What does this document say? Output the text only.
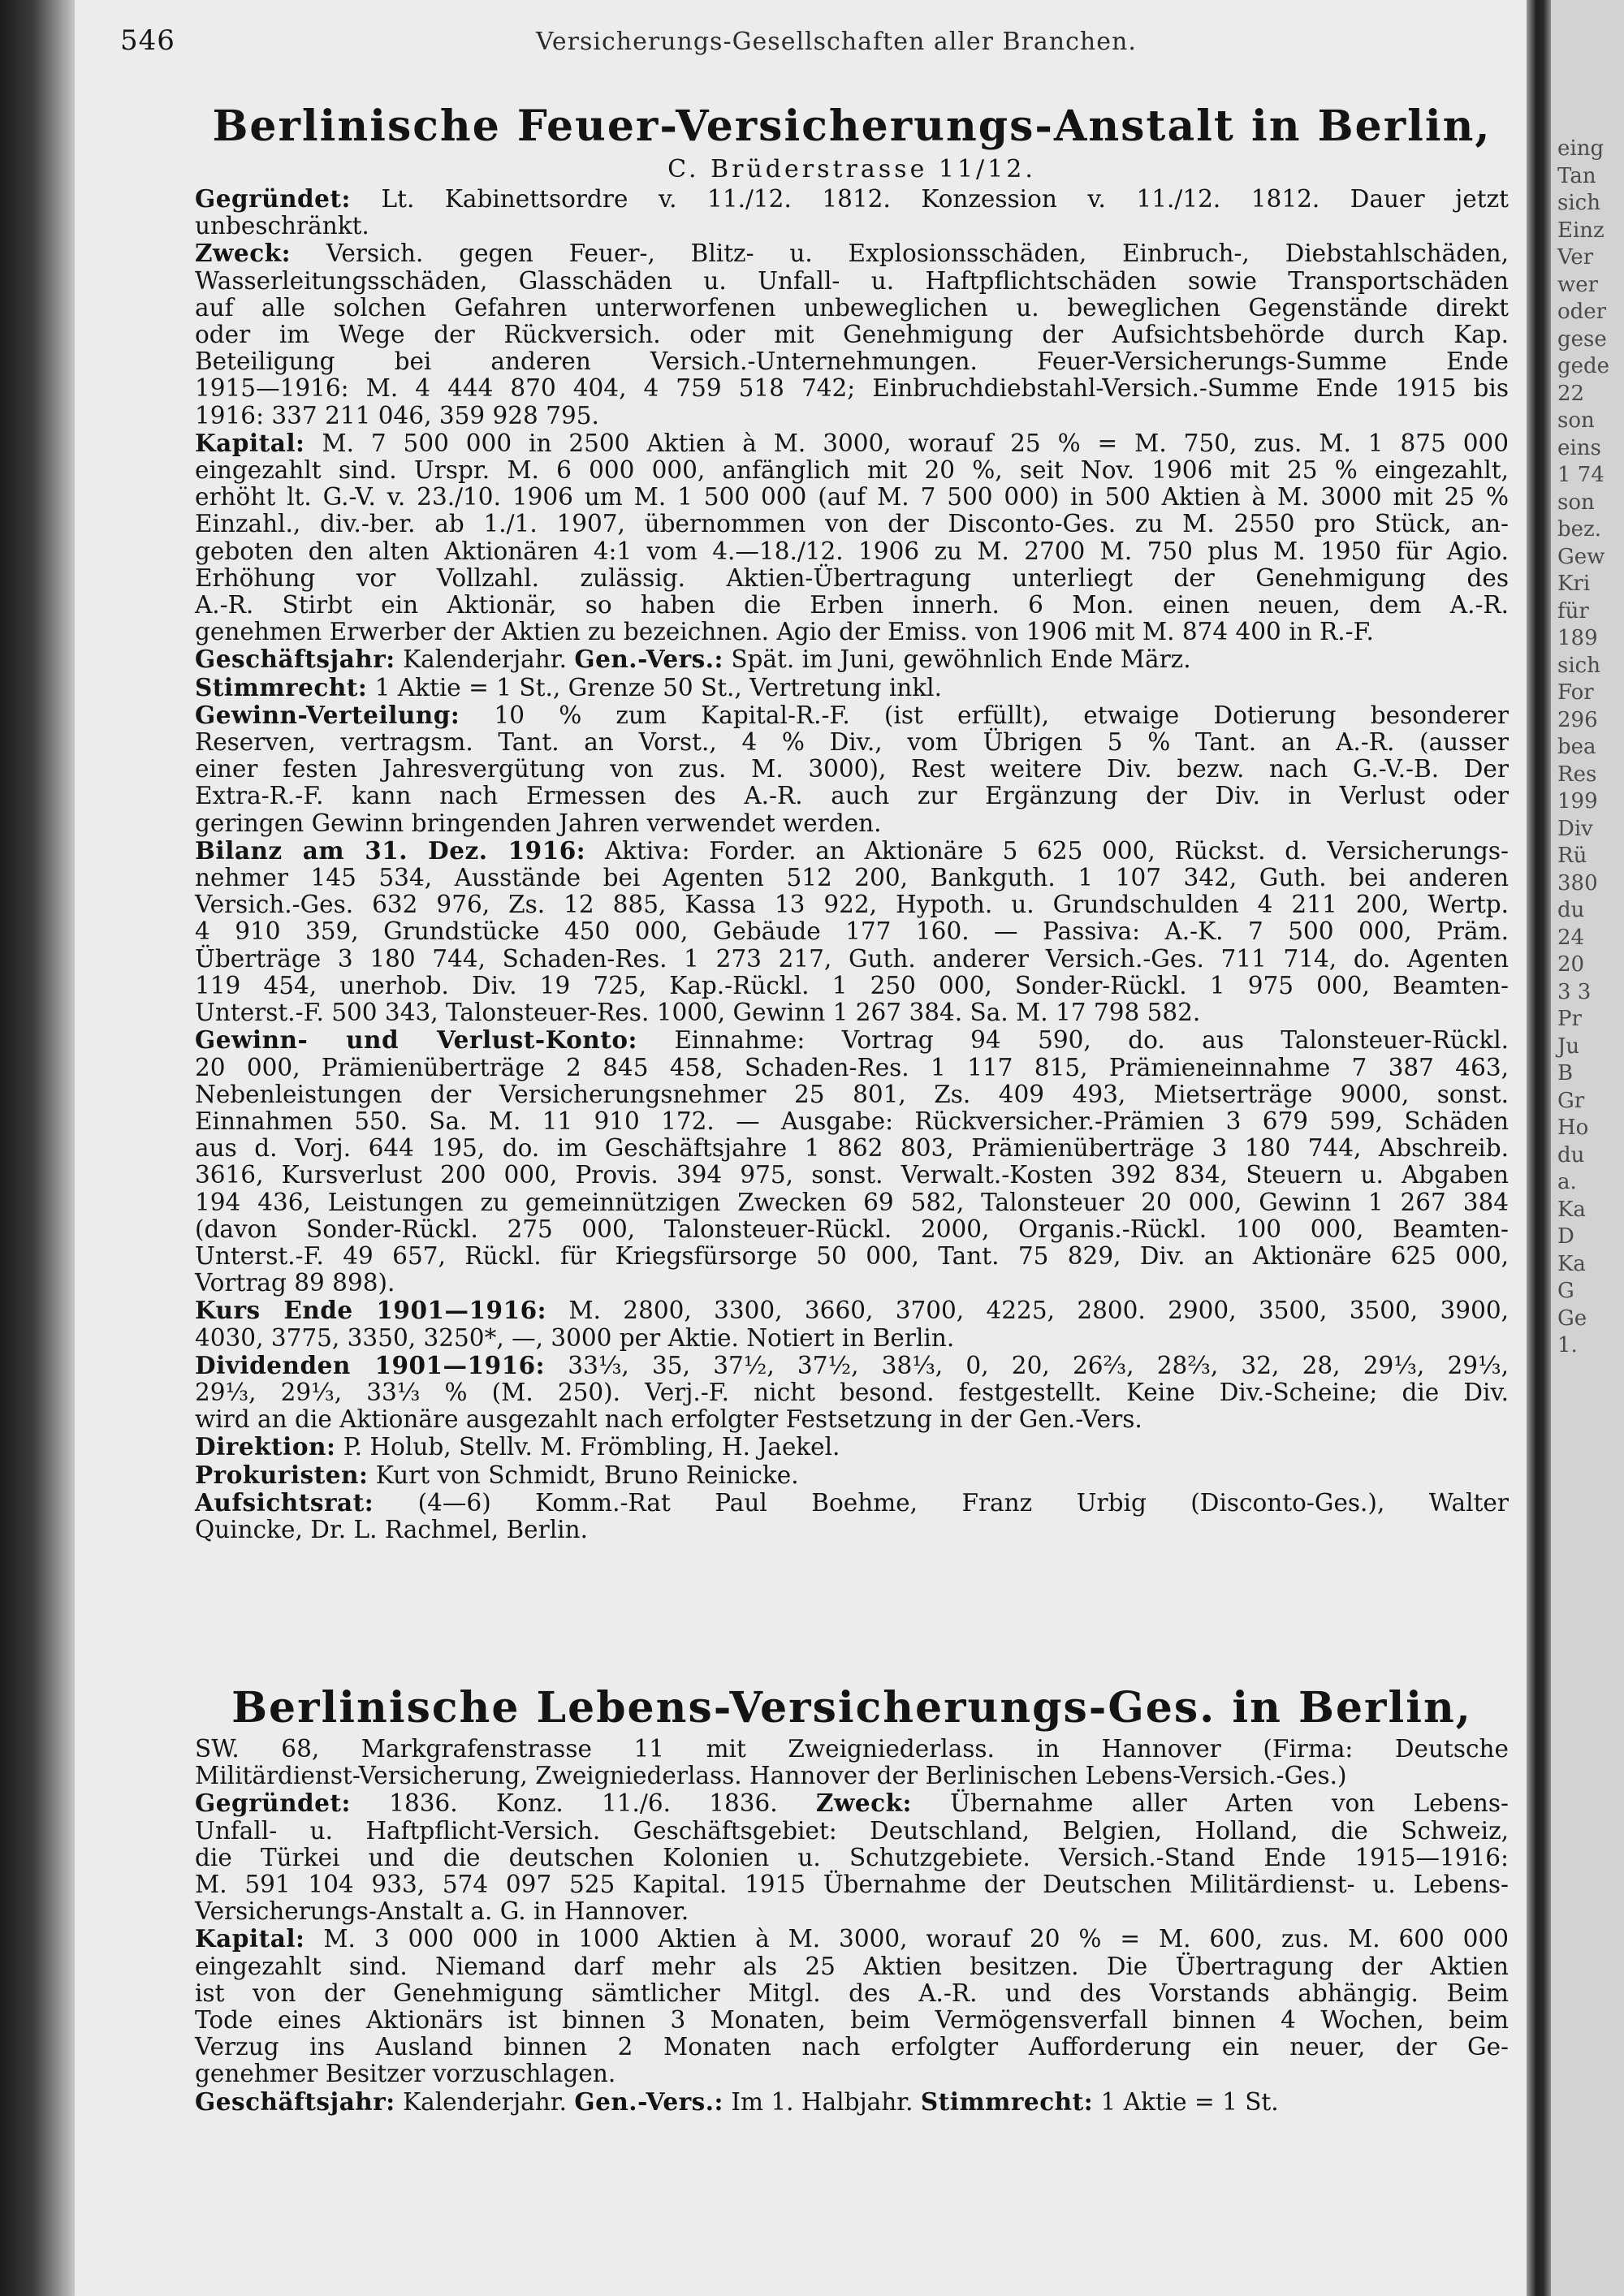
eing
Tan
sich
Einz
Ver
wer
oder
gese
gede
22
son
eins
1 74
son
bez.
Gew
Kri
für
189
sich
For
296
bea
Res
199
Div
Rü
380
du
24
20
3 3
Pr
Ju
B
Gr
Ho
du
a.
Ka
D
Ka
G
Ge
1.
546	Versicherungs-Gesellschaften aller Branchen.
Berlinische Feuer-Versicherungs-Anstalt in Berlin,
C. Brüderstrasse 11/12.

Gegründet: Lt. Kabinettsordre v. 11./12. 1812. Konzession v. 11./12. 1812. Dauer jetzt

unbeschränkt.

Zweck: Versich. gegen Feuer-, Blitz- u. Explosionsschäden, Einbruch-, Diebstahlschäden,

Wasserleitungsschäden, Glasschäden u. Unfall- u. Haftpflichtschäden sowie Transportschäden

auf alle solchen Gefahren unterworfenen unbeweglichen u. beweglichen Gegenstände direkt

oder im Wege der Rückversich. oder mit Genehmigung der Aufsichtsbehörde durch Kap.

Beteiligung bei anderen Versich.-Unternehmungen. Feuer-Versicherungs-Summe Ende

1915—1916: M. 4 444 870 404, 4 759 518 742; Einbruchdiebstahl-Versich.-Summe Ende 1915 bis

1916: 337 211 046, 359 928 795.

Kapital: M. 7 500 000 in 2500 Aktien à M. 3000, worauf 25 % = M. 750, zus. M. 1 875 000

eingezahlt sind. Urspr. M. 6 000 000, anfänglich mit 20 %, seit Nov. 1906 mit 25 % eingezahlt,

erhöht lt. G.-V. v. 23./10. 1906 um M. 1 500 000 (auf M. 7 500 000) in 500 Aktien à M. 3000 mit 25 %

Einzahl., div.-ber. ab 1./1. 1907, übernommen von der Disconto-Ges. zu M. 2550 pro Stück, an-

geboten den alten Aktionären 4:1 vom 4.—18./12. 1906 zu M. 2700 M. 750 plus M. 1950 für Agio.

Erhöhung vor Vollzahl. zulässig. Aktien-Übertragung unterliegt der Genehmigung des

A.-R. Stirbt ein Aktionär, so haben die Erben innerh. 6 Mon. einen neuen, dem A.-R.

genehmen Erwerber der Aktien zu bezeichnen. Agio der Emiss. von 1906 mit M. 874 400 in R.-F.

Geschäftsjahr: Kalenderjahr. Gen.-Vers.: Spät. im Juni, gewöhnlich Ende März.

Stimmrecht: 1 Aktie = 1 St., Grenze 50 St., Vertretung inkl.

Gewinn-Verteilung: 10 % zum Kapital-R.-F. (ist erfüllt), etwaige Dotierung besonderer

Reserven, vertragsm. Tant. an Vorst., 4 % Div., vom Übrigen 5 % Tant. an A.-R. (ausser

einer festen Jahresvergütung von zus. M. 3000), Rest weitere Div. bezw. nach G.-V.-B. Der

Extra-R.-F. kann nach Ermessen des A.-R. auch zur Ergänzung der Div. in Verlust oder

geringen Gewinn bringenden Jahren verwendet werden.

Bilanz am 31. Dez. 1916: Aktiva: Forder. an Aktionäre 5 625 000, Rückst. d. Versicherungs-

nehmer 145 534, Ausstände bei Agenten 512 200, Bankguth. 1 107 342, Guth. bei anderen

Versich.-Ges. 632 976, Zs. 12 885, Kassa 13 922, Hypoth. u. Grundschulden 4 211 200, Wertp.

4 910 359, Grundstücke 450 000, Gebäude 177 160. — Passiva: A.-K. 7 500 000, Präm.

Überträge 3 180 744, Schaden-Res. 1 273 217, Guth. anderer Versich.-Ges. 711 714, do. Agenten

119 454, unerhob. Div. 19 725, Kap.-Rückl. 1 250 000, Sonder-Rückl. 1 975 000, Beamten-

Unterst.-F. 500 343, Talonsteuer-Res. 1000, Gewinn 1 267 384. Sa. M. 17 798 582.

Gewinn- und Verlust-Konto: Einnahme: Vortrag 94 590, do. aus Talonsteuer-Rückl.

20 000, Prämienüberträge 2 845 458, Schaden-Res. 1 117 815, Prämieneinnahme 7 387 463,

Nebenleistungen der Versicherungsnehmer 25 801, Zs. 409 493, Mietserträge 9000, sonst.

Einnahmen 550. Sa. M. 11 910 172. — Ausgabe: Rückversicher.-Prämien 3 679 599, Schäden

aus d. Vorj. 644 195, do. im Geschäftsjahre 1 862 803, Prämienüberträge 3 180 744, Abschreib.

3616, Kursverlust 200 000, Provis. 394 975, sonst. Verwalt.-Kosten 392 834, Steuern u. Abgaben

194 436, Leistungen zu gemeinnützigen Zwecken 69 582, Talonsteuer 20 000, Gewinn 1 267 384

(davon Sonder-Rückl. 275 000, Talonsteuer-Rückl. 2000, Organis.-Rückl. 100 000, Beamten-

Unterst.-F. 49 657, Rückl. für Kriegsfürsorge 50 000, Tant. 75 829, Div. an Aktionäre 625 000,

Vortrag 89 898).

Kurs Ende 1901—1916: M. 2800, 3300, 3660, 3700, 4225, 2800. 2900, 3500, 3500, 3900,

4030, 3775, 3350, 3250*, —, 3000 per Aktie. Notiert in Berlin.

Dividenden 1901—1916: 33⅓, 35, 37½, 37½, 38⅓, 0, 20, 26⅔, 28⅔, 32, 28, 29⅓, 29⅓,

29⅓, 29⅓, 33⅓ % (M. 250). Verj.-F. nicht besond. festgestellt. Keine Div.-Scheine; die Div.

wird an die Aktionäre ausgezahlt nach erfolgter Festsetzung in der Gen.-Vers.

Direktion: P. Holub, Stellv. M. Frömbling, H. Jaekel.

Prokuristen: Kurt von Schmidt, Bruno Reinicke.

Aufsichtsrat: (4—6) Komm.-Rat Paul Boehme, Franz Urbig (Disconto-Ges.), Walter

Quincke, Dr. L. Rachmel, Berlin.

Berlinische Lebens-Versicherungs-Ges. in Berlin,

SW. 68, Markgrafenstrasse 11 mit Zweigniederlass. in Hannover (Firma: Deutsche

Militärdienst-Versicherung, Zweigniederlass. Hannover der Berlinischen Lebens-Versich.-Ges.)

Gegründet: 1836. Konz. 11./6. 1836. Zweck: Übernahme aller Arten von Lebens-

Unfall- u. Haftpflicht-Versich. Geschäftsgebiet: Deutschland, Belgien, Holland, die Schweiz,

die Türkei und die deutschen Kolonien u. Schutzgebiete. Versich.-Stand Ende 1915—1916:

M. 591 104 933, 574 097 525 Kapital. 1915 Übernahme der Deutschen Militärdienst- u. Lebens-

Versicherungs-Anstalt a. G. in Hannover.

Kapital: M. 3 000 000 in 1000 Aktien à M. 3000, worauf 20 % = M. 600, zus. M. 600 000

eingezahlt sind. Niemand darf mehr als 25 Aktien besitzen. Die Übertragung der Aktien

ist von der Genehmigung sämtlicher Mitgl. des A.-R. und des Vorstands abhängig. Beim

Tode eines Aktionärs ist binnen 3 Monaten, beim Vermögensverfall binnen 4 Wochen, beim

Verzug ins Ausland binnen 2 Monaten nach erfolgter Aufforderung ein neuer, der Ge-

genehmer Besitzer vorzuschlagen.

Geschäftsjahr: Kalenderjahr. Gen.-Vers.: Im 1. Halbjahr. Stimmrecht: 1 Aktie = 1 St.
